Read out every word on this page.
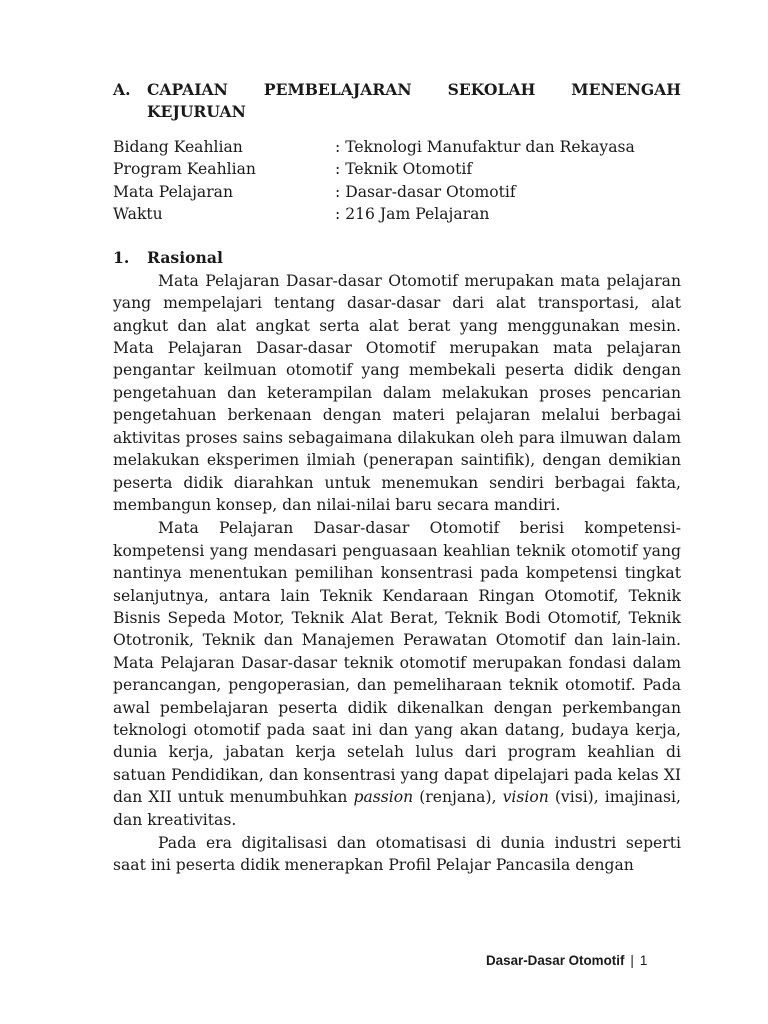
A.	CAPAIAN PEMBELAJARAN SEKOLAH MENENGAH
KEJURUAN
Bidang Keahlian	: Teknologi Manufaktur dan Rekayasa
Program Keahlian	: Teknik Otomotif
Mata Pelajaran	: Dasar-dasar Otomotif
Waktu	: 216 Jam Pelajaran
1.	Rasional

Mata Pelajaran Dasar-dasar Otomotif merupakan mata pelajaran yang mempelajari tentang dasar-dasar dari alat transportasi, alat angkut dan alat angkat serta alat berat yang menggunakan mesin. Mata Pelajaran Dasar-dasar Otomotif merupakan mata pelajaran pengantar keilmuan otomotif yang membekali peserta didik dengan pengetahuan dan keterampilan dalam melakukan proses pencarian pengetahuan berkenaan dengan materi pelajaran melalui berbagai aktivitas proses sains sebagaimana dilakukan oleh para ilmuwan dalam melakukan eksperimen ilmiah (penerapan saintifik), dengan demikian peserta didik diarahkan untuk menemukan sendiri berbagai fakta, membangun konsep, dan nilai-nilai baru secara mandiri.

Mata Pelajaran Dasar-dasar Otomotif berisi kompetensi-kompetensi yang mendasari penguasaan keahlian teknik otomotif yang nantinya menentukan pemilihan konsentrasi pada kompetensi tingkat selanjutnya, antara lain Teknik Kendaraan Ringan Otomotif, Teknik Bisnis Sepeda Motor, Teknik Alat Berat, Teknik Bodi Otomotif, Teknik Ototronik, Teknik dan Manajemen Perawatan Otomotif dan lain-lain. Mata Pelajaran Dasar-dasar teknik otomotif merupakan fondasi dalam perancangan, pengoperasian, dan pemeliharaan teknik otomotif. Pada awal pembelajaran peserta didik dikenalkan dengan perkembangan teknologi otomotif pada saat ini dan yang akan datang, budaya kerja, dunia kerja, jabatan kerja setelah lulus dari program keahlian di satuan Pendidikan, dan konsentrasi yang dapat dipelajari pada kelas XI dan XII untuk menumbuhkan passion (renjana), vision (visi), imajinasi, dan kreativitas.

Pada era digitalisasi dan otomatisasi di dunia industri seperti saat ini peserta didik menerapkan Profil Pelajar Pancasila dengan

Dasar-Dasar Otomotif | 1
